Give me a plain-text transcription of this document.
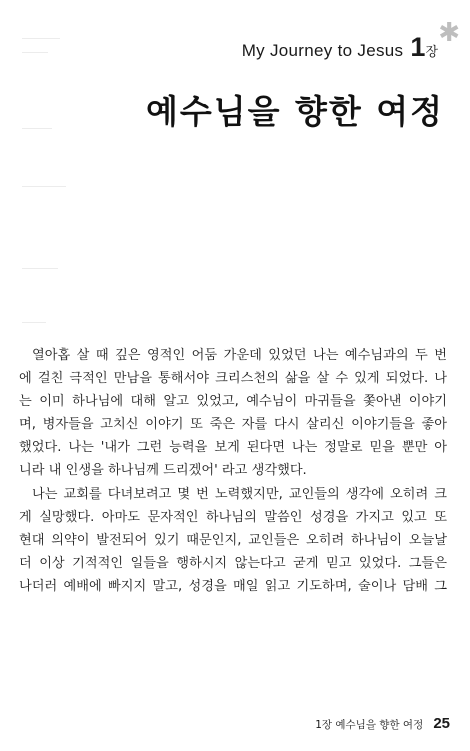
My Journey to Jesus 1장
✱
예수님을 향한 여정

열아홉 살 때 깊은 영적인 어둠 가운데 있었던 나는 예수님과의 두 번
에 걸친 극적인 만남을 통해서야 크리스천의 삶을 살 수 있게 되었다. 나
는 이미 하나님에 대해 알고 있었고, 예수님이 마귀들을 쫓아낸 이야기
며, 병자들을 고치신 이야기 또 죽은 자를 다시 살리신 이야기들을 좋아
했었다. 나는 '내가 그런 능력을 보게 된다면 나는 정말로 믿을 뿐만 아
니라 내 인생을 하나님께 드리겠어' 라고 생각했다.

나는 교회를 다녀보려고 몇 번 노력했지만, 교인들의 생각에 오히려 크
게 실망했다. 아마도 문자적인 하나님의 말씀인 성경을 가지고 있고 또
현대 의약이 발전되어 있기 때문인지, 교인들은 오히려 하나님이 오늘날
더 이상 기적적인 일들을 행하시지 않는다고 굳게 믿고 있었다. 그들은
나더러 예배에 빠지지 말고, 성경을 매일 읽고 기도하며, 술이나 담배 그

1장 예수님을 향한 여정 25
